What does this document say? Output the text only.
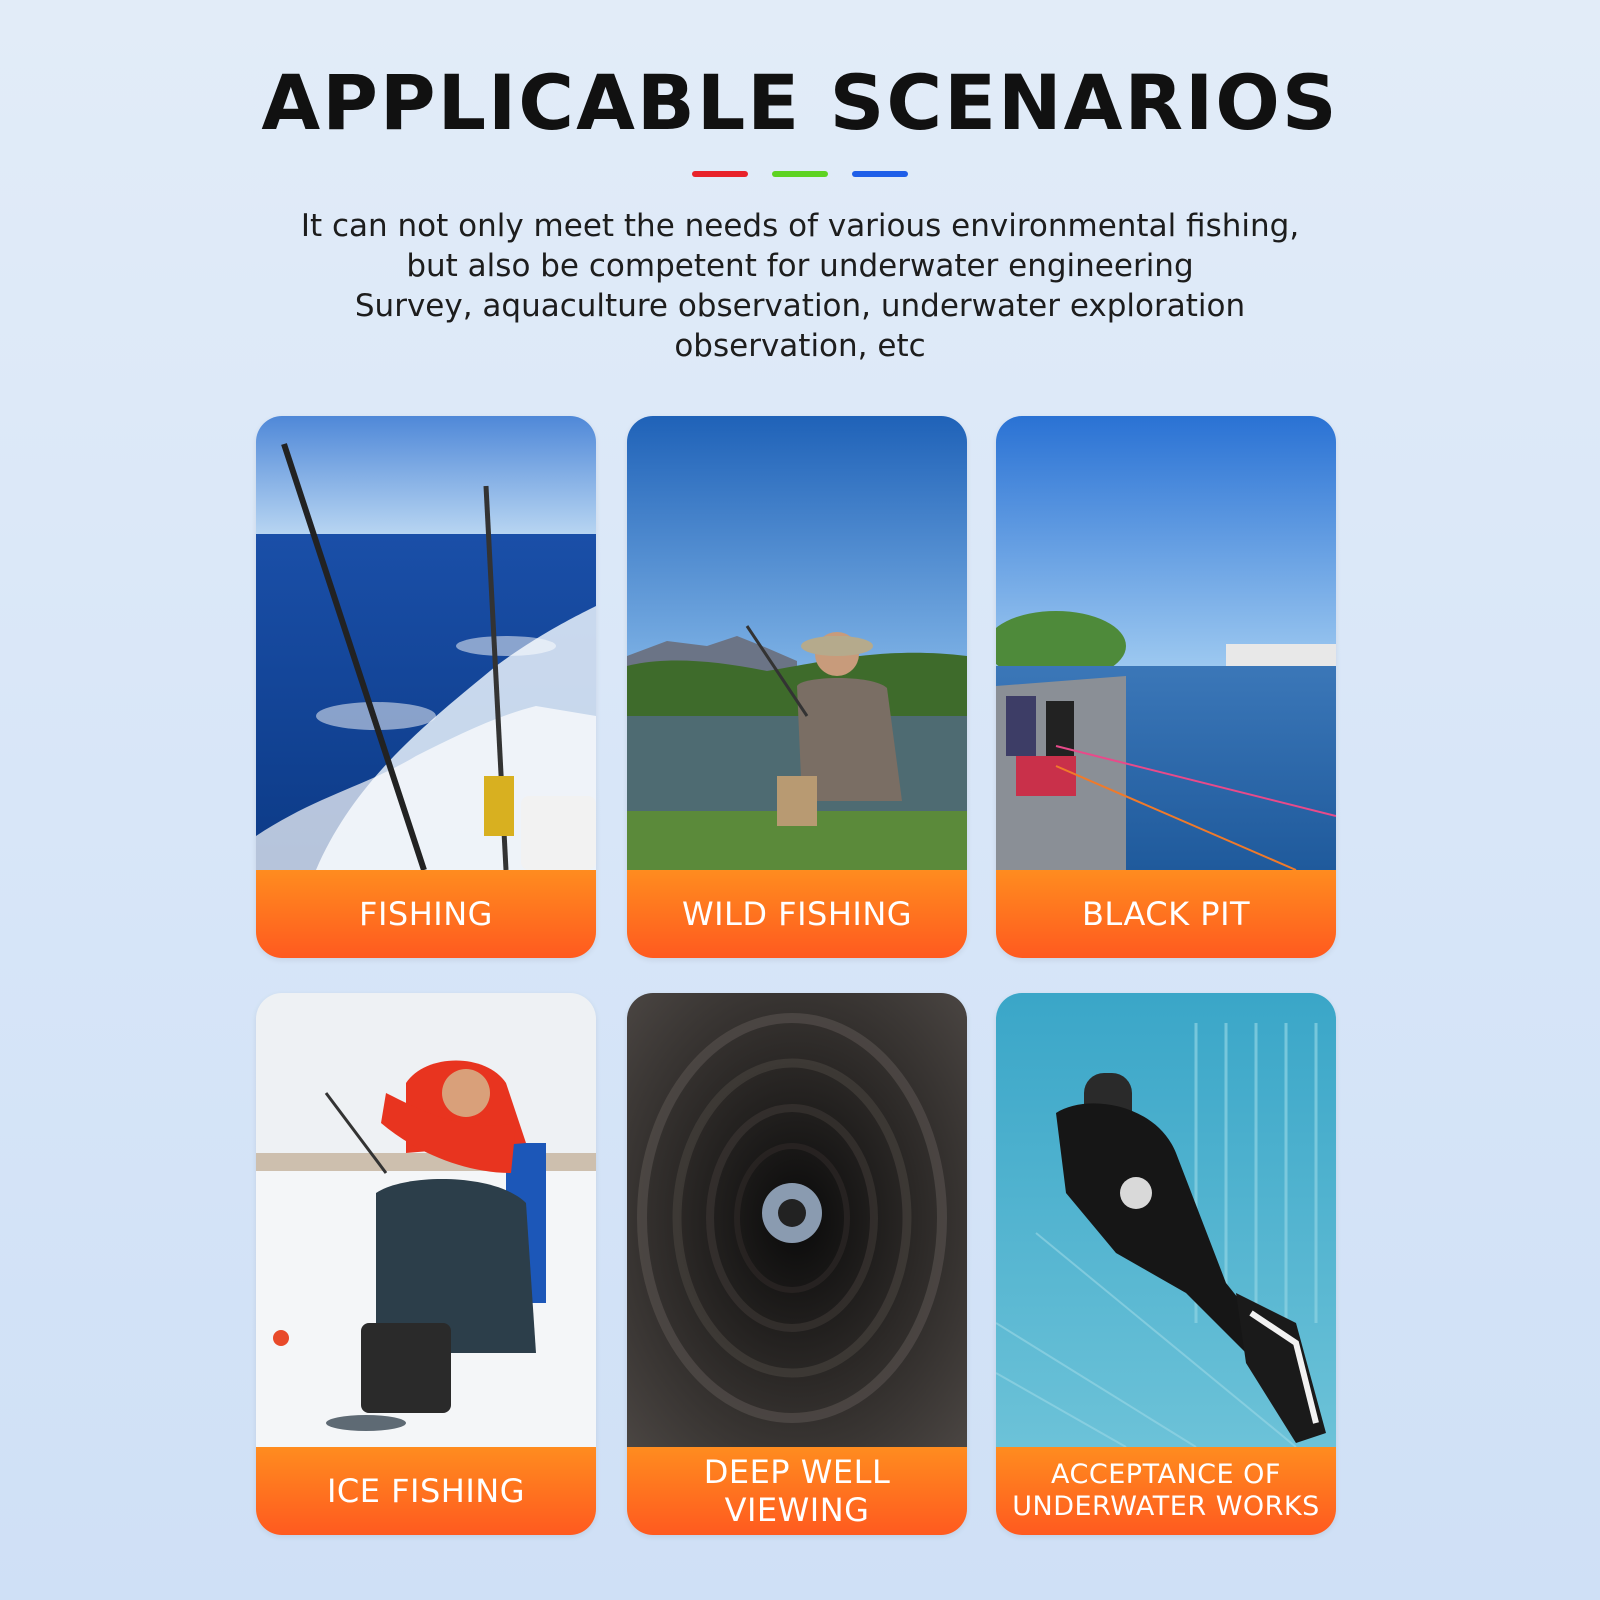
APPLICABLE SCENARIOS
It can not only meet the needs of various environmental fishing,
but also be competent for underwater engineering
Survey, aquaculture observation, underwater exploration
observation, etc
FISHING	WILD FISHING	BLACK PIT
ICE FISHING	DEEP WELL VIEWING
ACCEPTANCE OF
UNDERWATER WORKS
